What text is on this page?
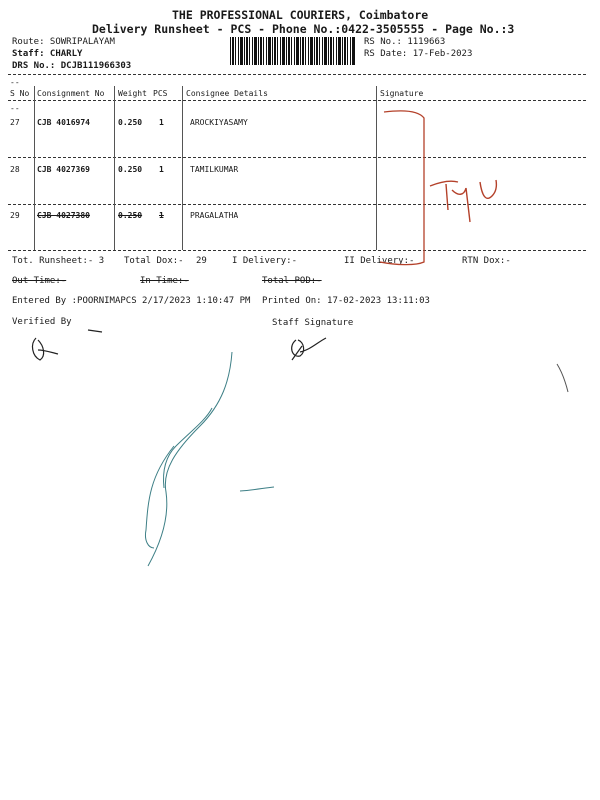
THE PROFESSIONAL COURIERS, Coimbatore
Delivery Runsheet - PCS - Phone No.:0422-3505555 - Page No.:3
Route: SOWRIPALAYAM
Staff: CHARLY
DRS No.: DCJB111966303
RS No.: 1119663
RS Date: 17-Feb-2023
--
--
S No Consignment No Weight PCS Consignee Details	Signature
27 CJB 4016974	0.250 1	AROCKIYASAMY
28 CJB 4027369	0.250 1	TAMILKUMAR
29 CJB 4027380	0.250 1	PRAGALATHA
Tot. Runsheet:- 3 Total Dox:- 29	I Delivery:-	II Delivery:-	RTN Dox:-
Out Time:-	In Time:-	Total POD:-
Entered By :POORNIMAPCS 2/17/2023 1:10:47 PM Printed On: 17-02-2023 13:11:03
Verified By	Staff Signature
